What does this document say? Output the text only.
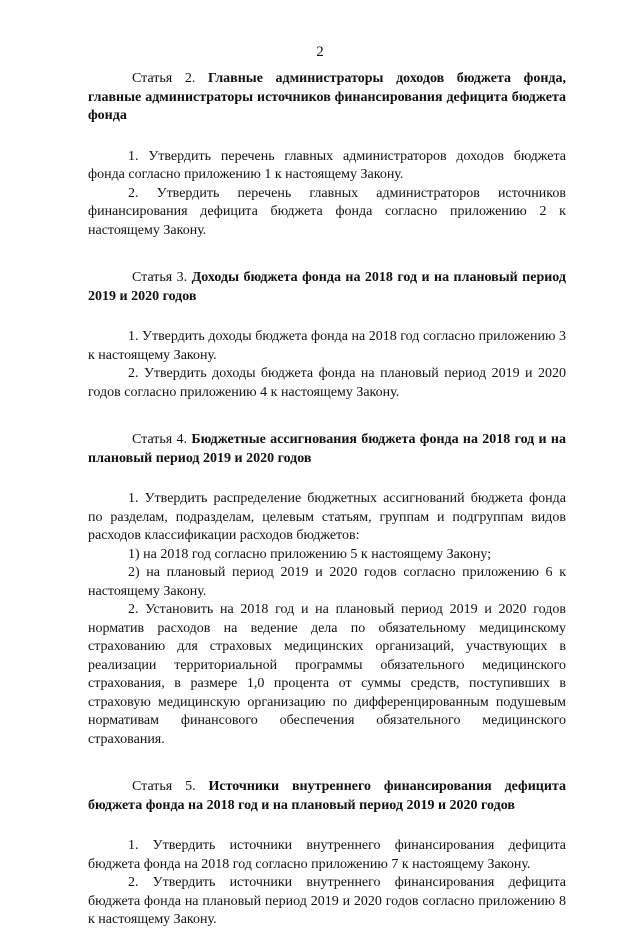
2

Статья 2. Главные администраторы доходов бюджета фонда, главные администраторы источников финансирования дефицита бюджета фонда

1. Утвердить перечень главных администраторов доходов бюджета фонда согласно приложению 1 к настоящему Закону.

2. Утвердить перечень главных администраторов источников финансирования дефицита бюджета фонда согласно приложению 2 к настоящему Закону.

Статья 3. Доходы бюджета фонда на 2018 год и на плановый период 2019 и 2020 годов

1. Утвердить доходы бюджета фонда на 2018 год согласно приложению 3 к настоящему Закону.

2. Утвердить доходы бюджета фонда на плановый период 2019 и 2020 годов согласно приложению 4 к настоящему Закону.

Статья 4. Бюджетные ассигнования бюджета фонда на 2018 год и на плановый период 2019 и 2020 годов

1. Утвердить распределение бюджетных ассигнований бюджета фонда по разделам, подразделам, целевым статьям, группам и подгруппам видов расходов классификации расходов бюджетов:

1) на 2018 год согласно приложению 5 к настоящему Закону;

2) на плановый период 2019 и 2020 годов согласно приложению 6 к настоящему Закону.

2. Установить на 2018 год и на плановый период 2019 и 2020 годов норматив расходов на ведение дела по обязательному медицинскому страхованию для страховых медицинских организаций, участвующих в реализации территориальной программы обязательного медицинского страхования, в размере 1,0 процента от суммы средств, поступивших в страховую медицинскую организацию по дифференцированным подушевым нормативам финансового обеспечения обязательного медицинского страхования.

Статья 5. Источники внутреннего финансирования дефицита бюджета фонда на 2018 год и на плановый период 2019 и 2020 годов

1. Утвердить источники внутреннего финансирования дефицита бюджета фонда на 2018 год согласно приложению 7 к настоящему Закону.

2. Утвердить источники внутреннего финансирования дефицита бюджета фонда на плановый период 2019 и 2020 годов согласно приложению 8 к настоящему Закону.
